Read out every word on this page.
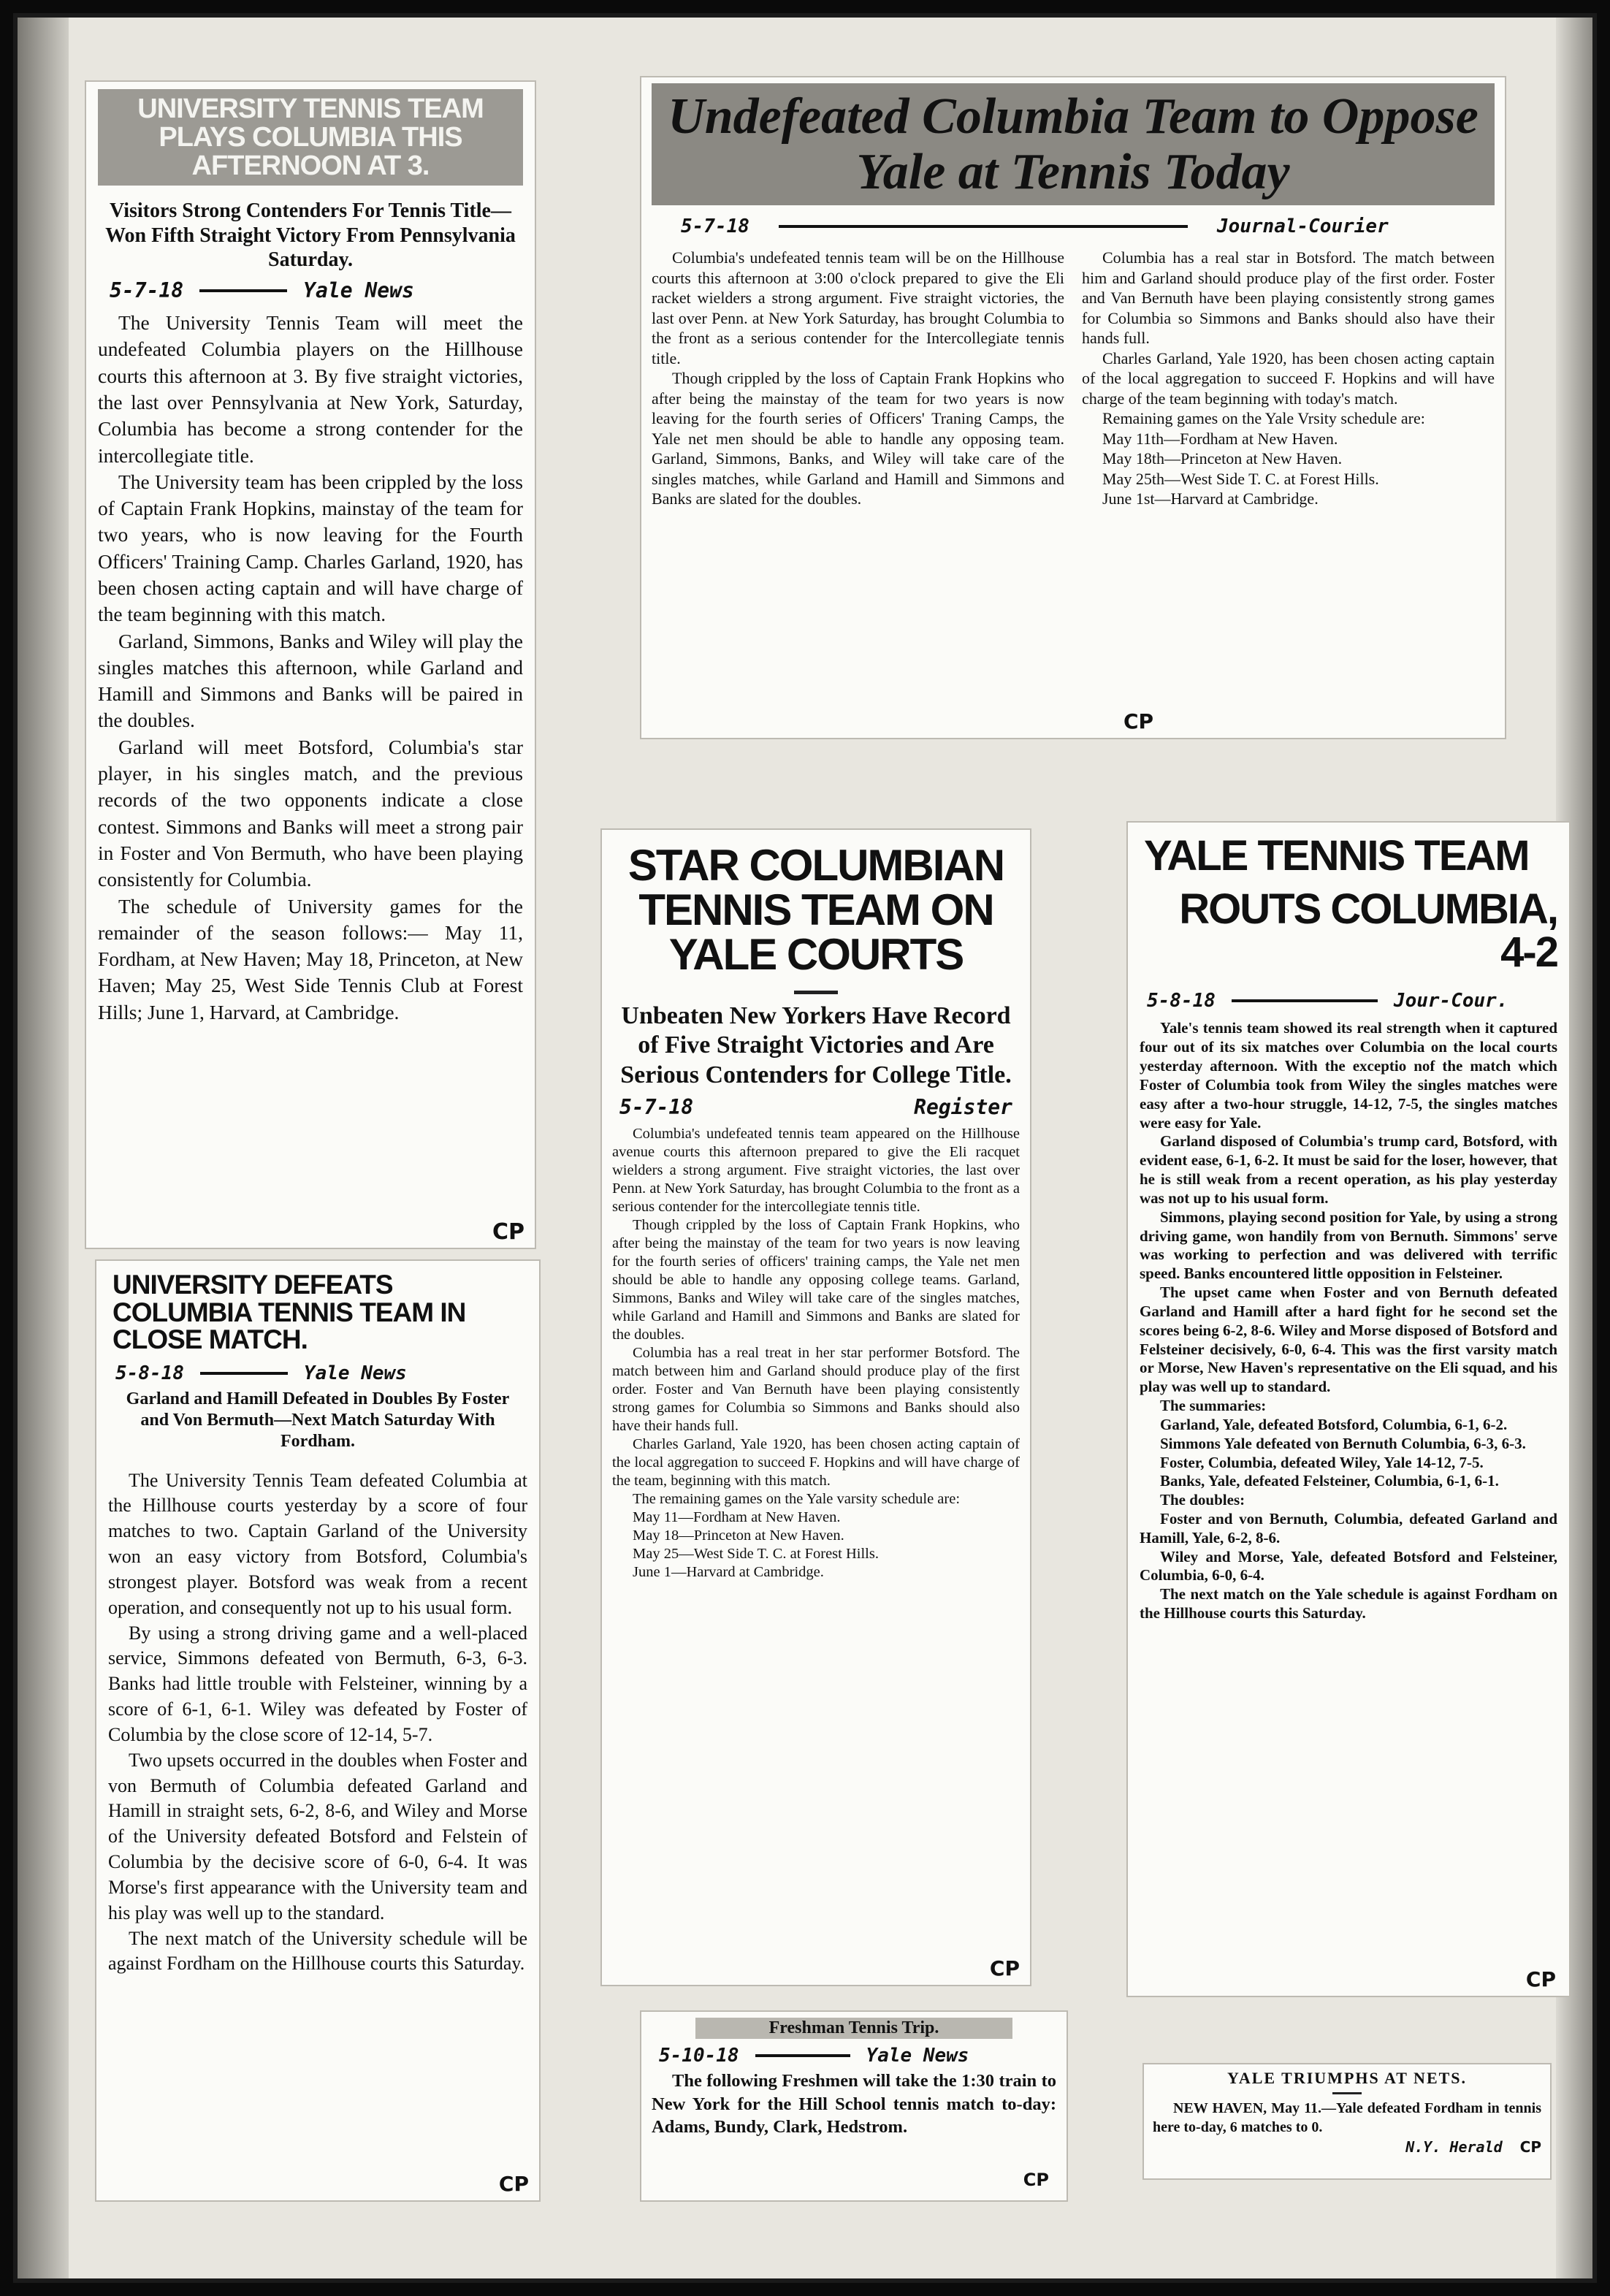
UNIVERSITY TENNIS TEAM PLAYS COLUMBIA THIS AFTERNOON AT 3.
Visitors Strong Contenders For Tennis Title—Won Fifth Straight Victory From Pennsylvania Saturday.
5-7-18	Yale News

The University Tennis Team will meet the undefeated Columbia players on the Hillhouse courts this afternoon at 3. By five straight victories, the last over Pennsylvania at New York, Saturday, Columbia has become a strong contender for the intercollegiate title.

The University team has been crippled by the loss of Captain Frank Hopkins, mainstay of the team for two years, who is now leaving for the Fourth Officers' Training Camp. Charles Garland, 1920, has been chosen acting captain and will have charge of the team beginning with this match.

Garland, Simmons, Banks and Wiley will play the singles matches this afternoon, while Garland and Hamill and Simmons and Banks will be paired in the doubles.

Garland will meet Botsford, Columbia's star player, in his singles match, and the previous records of the two opponents indicate a close contest. Simmons and Banks will meet a strong pair in Foster and Von Bermuth, who have been playing consistently for Columbia.

The schedule of University games for the remainder of the season follows:— May 11, Fordham, at New Haven; May 18, Princeton, at New Haven; May 25, West Side Tennis Club at Forest Hills; June 1, Harvard, at Cambridge.

CP
Undefeated Columbia Team to Oppose Yale at Tennis Today
5-7-18	Journal-Courier

Columbia's undefeated tennis team will be on the Hillhouse courts this afternoon at 3:00 o'clock prepared to give the Eli racket wielders a strong argument. Five straight victories, the last over Penn. at New York Saturday, has brought Columbia to the front as a serious contender for the Intercollegiate tennis title.

Though crippled by the loss of Captain Frank Hopkins who after being the mainstay of the team for two years is now leaving for the fourth series of Officers' Traning Camps, the Yale net men should be able to handle any opposing team. Garland, Simmons, Banks, and Wiley will take care of the singles matches, while Garland and Hamill and Simmons and Banks are slated for the doubles.

Columbia has a real star in Botsford. The match between him and Garland should produce play of the first order. Foster and Van Bernuth have been playing consistently strong games for Columbia so Simmons and Banks should also have their hands full.

Charles Garland, Yale 1920, has been chosen acting captain of the local aggregation to succeed F. Hopkins and will have charge of the team beginning with today's match.

Remaining games on the Yale Vrsity schedule are:

May 11th—Fordham at New Haven.

May 18th—Princeton at New Haven.

May 25th—West Side T. C. at Forest Hills.

June 1st—Harvard at Cambridge.

CP
UNIVERSITY DEFEATS COLUMBIA TENNIS TEAM IN CLOSE MATCH.
5-8-18	Yale News
Garland and Hamill Defeated in Doubles By Foster and Von Bermuth—Next Match Saturday With Fordham.

The University Tennis Team defeated Columbia at the Hillhouse courts yesterday by a score of four matches to two. Captain Garland of the University won an easy victory from Botsford, Columbia's strongest player. Botsford was weak from a recent operation, and consequently not up to his usual form.

By using a strong driving game and a well-placed service, Simmons defeated von Bermuth, 6-3, 6-3. Banks had little trouble with Felsteiner, winning by a score of 6-1, 6-1. Wiley was defeated by Foster of Columbia by the close score of 12-14, 5-7.

Two upsets occurred in the doubles when Foster and von Bermuth of Columbia defeated Garland and Hamill in straight sets, 6-2, 8-6, and Wiley and Morse of the University defeated Botsford and Felstein of Columbia by the decisive score of 6-0, 6-4. It was Morse's first appearance with the University team and his play was well up to the standard.

The next match of the University schedule will be against Fordham on the Hillhouse courts this Saturday.

CP
STAR COLUMBIAN TENNIS TEAM ON YALE COURTS
Unbeaten New Yorkers Have Record of Five Straight Victories and Are Serious Contenders for College Title.
5-7-18	Register

Columbia's undefeated tennis team appeared on the Hillhouse avenue courts this afternoon prepared to give the Eli racquet wielders a strong argument. Five straight victories, the last over Penn. at New York Saturday, has brought Columbia to the front as a serious contender for the intercollegiate tennis title.

Though crippled by the loss of Captain Frank Hopkins, who after being the mainstay of the team for two years is now leaving for the fourth series of officers' training camps, the Yale net men should be able to handle any opposing college teams. Garland, Simmons, Banks and Wiley will take care of the singles matches, while Garland and Hamill and Simmons and Banks are slated for the doubles.

Columbia has a real treat in her star performer Botsford. The match between him and Garland should produce play of the first order. Foster and Van Bernuth have been playing consistently strong games for Columbia so Simmons and Banks should also have their hands full.

Charles Garland, Yale 1920, has been chosen acting captain of the local aggregation to succeed F. Hopkins and will have charge of the team, beginning with this match.

The remaining games on the Yale varsity schedule are:

May 11—Fordham at New Haven.

May 18—Princeton at New Haven.

May 25—West Side T. C. at Forest Hills.

June 1—Harvard at Cambridge.

CP
YALE TENNIS TEAM
ROUTS COLUMBIA, 4-2
5-8-18	Jour-Cour.

Yale's tennis team showed its real strength when it captured four out of its six matches over Columbia on the local courts yesterday afternoon. With the exceptio nof the match which Foster of Columbia took from Wiley the singles matches were easy after a two-hour struggle, 14-12, 7-5, the singles matches were easy for Yale.

Garland disposed of Columbia's trump card, Botsford, with evident ease, 6-1, 6-2. It must be said for the loser, however, that he is still weak from a recent operation, as his play yesterday was not up to his usual form.

Simmons, playing second position for Yale, by using a strong driving game, won handily from von Bernuth. Simmons' serve was working to perfection and was delivered with terrific speed. Banks encountered little opposition in Felsteiner.

The upset came when Foster and von Bernuth defeated Garland and Hamill after a hard fight for he second set the scores being 6-2, 8-6. Wiley and Morse disposed of Botsford and Felsteiner decisively, 6-0, 6-4. This was the first varsity match or Morse, New Haven's representative on the Eli squad, and his play was well up to standard.

The summaries:

Garland, Yale, defeated Botsford, Columbia, 6-1, 6-2.

Simmons Yale defeated von Bernuth Columbia, 6-3, 6-3.

Foster, Columbia, defeated Wiley, Yale 14-12, 7-5.

Banks, Yale, defeated Felsteiner, Columbia, 6-1, 6-1.

The doubles:

Foster and von Bernuth, Columbia, defeated Garland and Hamill, Yale, 6-2, 8-6.

Wiley and Morse, Yale, defeated Botsford and Felsteiner, Columbia, 6-0, 6-4.

The next match on the Yale schedule is against Fordham on the Hillhouse courts this Saturday.

CP
Freshman Tennis Trip.
5-10-18	Yale News

The following Freshmen will take the 1:30 train to New York for the Hill School tennis match to-day: Adams, Bundy, Clark, Hedstrom.

CP
YALE TRIUMPHS AT NETS.

NEW HAVEN, May 11.—Yale defeated Fordham in tennis here to-day, 6 matches to 0.

N.Y. Herald CP
